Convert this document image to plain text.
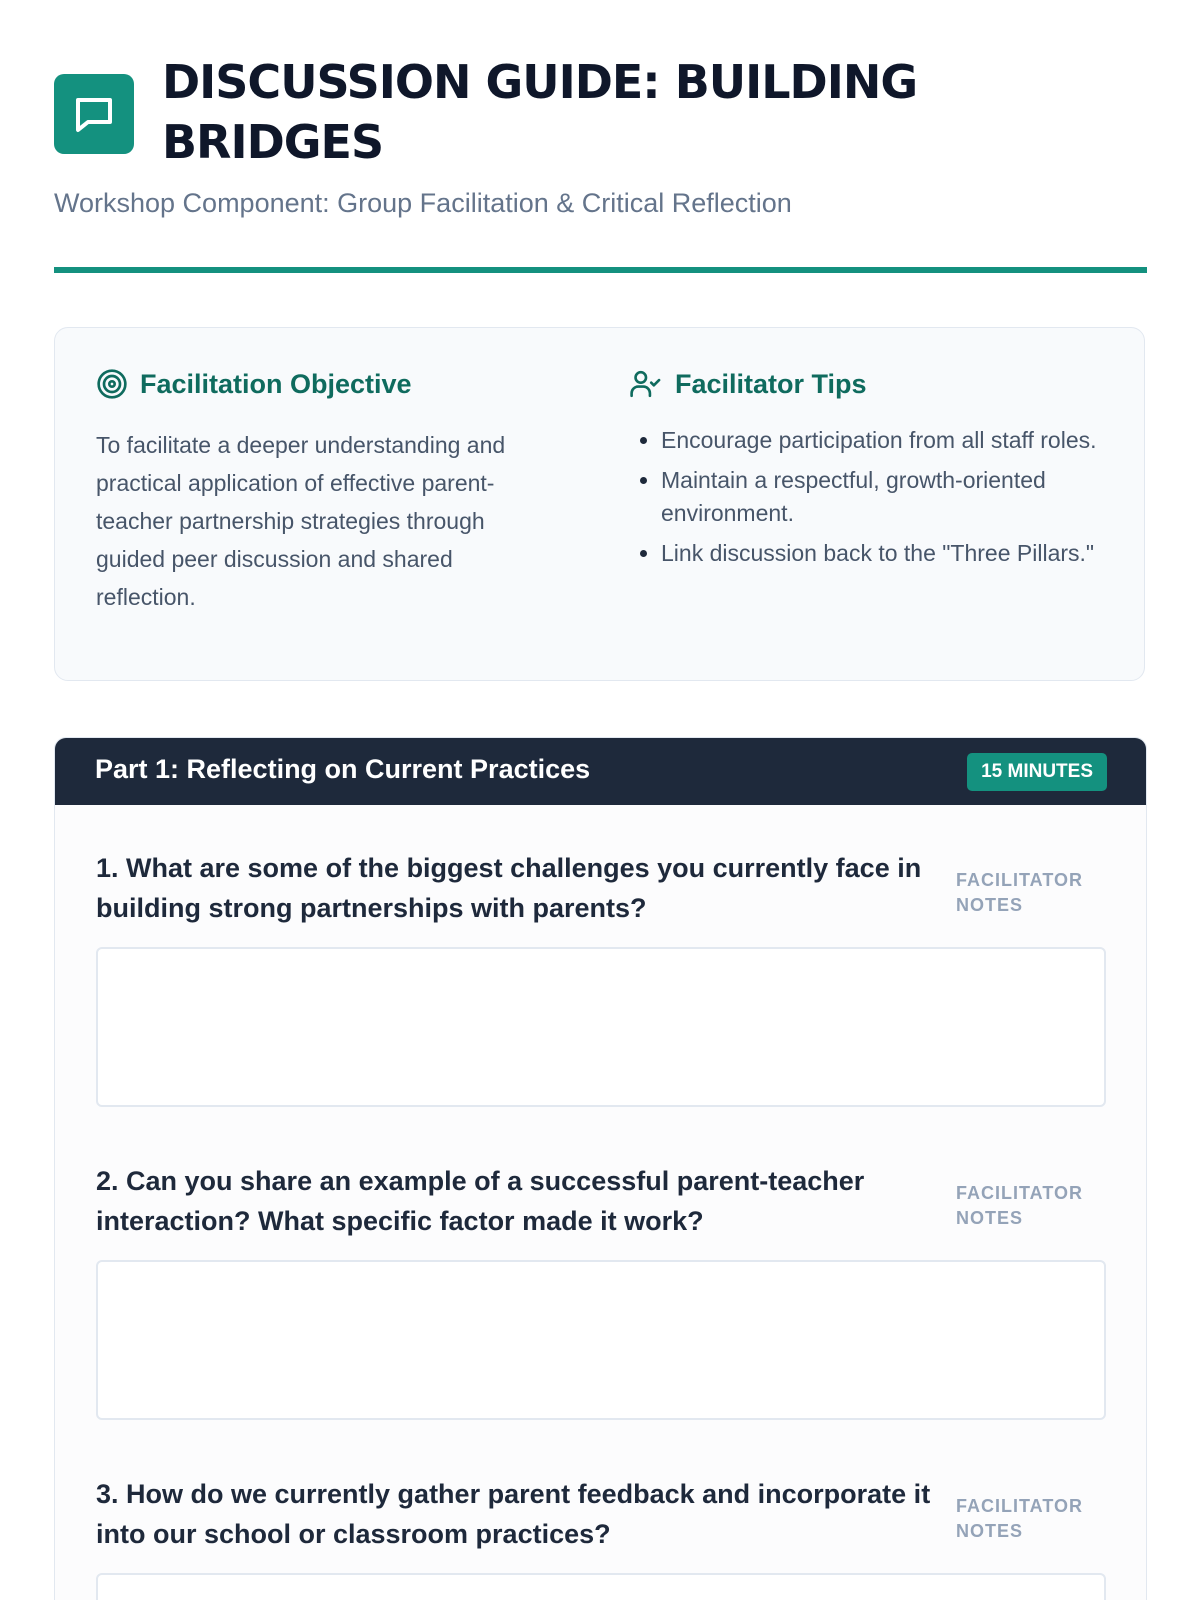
DISCUSSION GUIDE: BUILDING BRIDGES

Workshop Component: Group Facilitation & Critical Reflection

Facilitation Objective

To facilitate a deeper understanding and practical application of effective parent-teacher partnership strategies through guided peer discussion and shared reflection.

Facilitator Tips
• Encourage participation from all staff roles.
• Maintain a respectful, growth-oriented environment.
• Link discussion back to the "Three Pillars."
Part 1: Reflecting on Current Practices	15 MINUTES

1. What are some of the biggest challenges you currently face in building strong partnerships with parents?

FACILITATOR NOTES

2. Can you share an example of a successful parent-teacher interaction? What specific factor made it work?

FACILITATOR NOTES

3. How do we currently gather parent feedback and incorporate it into our school or classroom practices?

FACILITATOR NOTES
